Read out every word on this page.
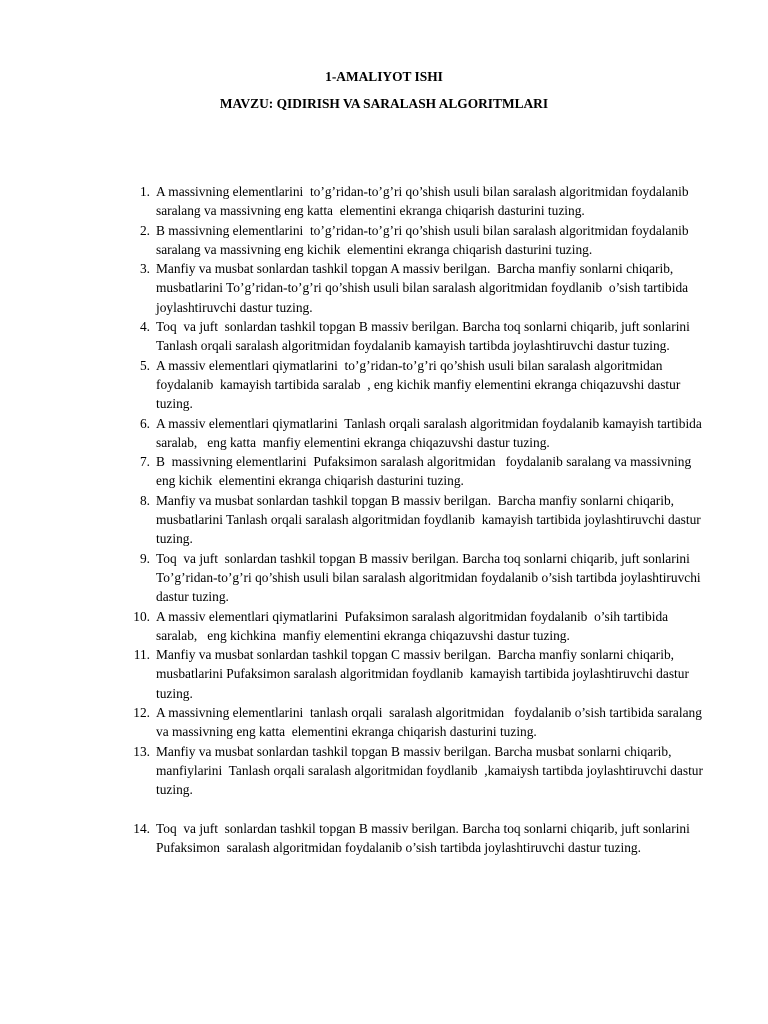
1-AMALIYOT ISHI

MAVZU: QIDIRISH VA SARALASH ALGORITMLARI

1. A massivning elementlarini  to’g’ridan-to’g’ri qo’shish usuli bilan saralash algoritmidan foydalanib saralang va massivning eng katta  elementini ekranga chiqarish dasturini tuzing.
2. B massivning elementlarini  to’g’ridan-to’g’ri qo’shish usuli bilan saralash algoritmidan foydalanib saralang va massivning eng kichik  elementini ekranga chiqarish dasturini tuzing.
3. Manfiy va musbat sonlardan tashkil topgan A massiv berilgan.  Barcha manfiy sonlarni chiqarib, musbatlarini To’g’ridan-to’g’ri qo’shish usuli bilan saralash algoritmidan foydlanib  o’sish tartibida joylashtiruvchi dastur tuzing.
4. Toq  va juft  sonlardan tashkil topgan B massiv berilgan. Barcha toq sonlarni chiqarib, juft sonlarini   Tanlash orqali saralash algoritmidan foydalanib kamayish tartibda joylashtiruvchi dastur tuzing.
5. A massiv elementlari qiymatlarini  to’g’ridan-to’g’ri qo’shish usuli bilan saralash algoritmidan foydalanib  kamayish tartibida saralab  , eng kichik manfiy elementini ekranga chiqazuvshi dastur tuzing.
6. A massiv elementlari qiymatlarini  Tanlash orqali saralash algoritmidan foydalanib kamayish tartibida saralab,   eng katta  manfiy elementini ekranga chiqazuvshi dastur tuzing.
7. B  massivning elementlarini  Pufaksimon saralash algoritmidan   foydalanib saralang va massivning eng kichik  elementini ekranga chiqarish dasturini tuzing.
8. Manfiy va musbat sonlardan tashkil topgan B massiv berilgan.  Barcha manfiy sonlarni chiqarib, musbatlarini Tanlash orqali saralash algoritmidan foydlanib  kamayish tartibida joylashtiruvchi dastur tuzing.
9. Toq  va juft  sonlardan tashkil topgan B massiv berilgan. Barcha toq sonlarni chiqarib, juft sonlarini   To’g’ridan-to’g’ri qo’shish usuli bilan saralash algoritmidan foydalanib o’sish tartibda joylashtiruvchi dastur tuzing.
10. A massiv elementlari qiymatlarini  Pufaksimon saralash algoritmidan foydalanib  o’sih tartibida saralab,   eng kichkina  manfiy elementini ekranga chiqazuvshi dastur tuzing.
11. Manfiy va musbat sonlardan tashkil topgan C massiv berilgan.  Barcha manfiy sonlarni chiqarib, musbatlarini Pufaksimon saralash algoritmidan foydlanib  kamayish tartibida joylashtiruvchi dastur tuzing.
12. A massivning elementlarini  tanlash orqali  saralash algoritmidan   foydalanib o’sish tartibida saralang va massivning eng katta  elementini ekranga chiqarish dasturini tuzing.
13. Manfiy va musbat sonlardan tashkil topgan B massiv berilgan. Barcha musbat sonlarni chiqarib, manfiylarini  Tanlash orqali saralash algoritmidan foydlanib  ,kamaiysh tartibda joylashtiruvchi dastur tuzing.
14. Toq  va juft  sonlardan tashkil topgan B massiv berilgan. Barcha toq sonlarni chiqarib, juft sonlarini   Pufaksimon  saralash algoritmidan foydalanib o’sish tartibda joylashtiruvchi dastur tuzing.
